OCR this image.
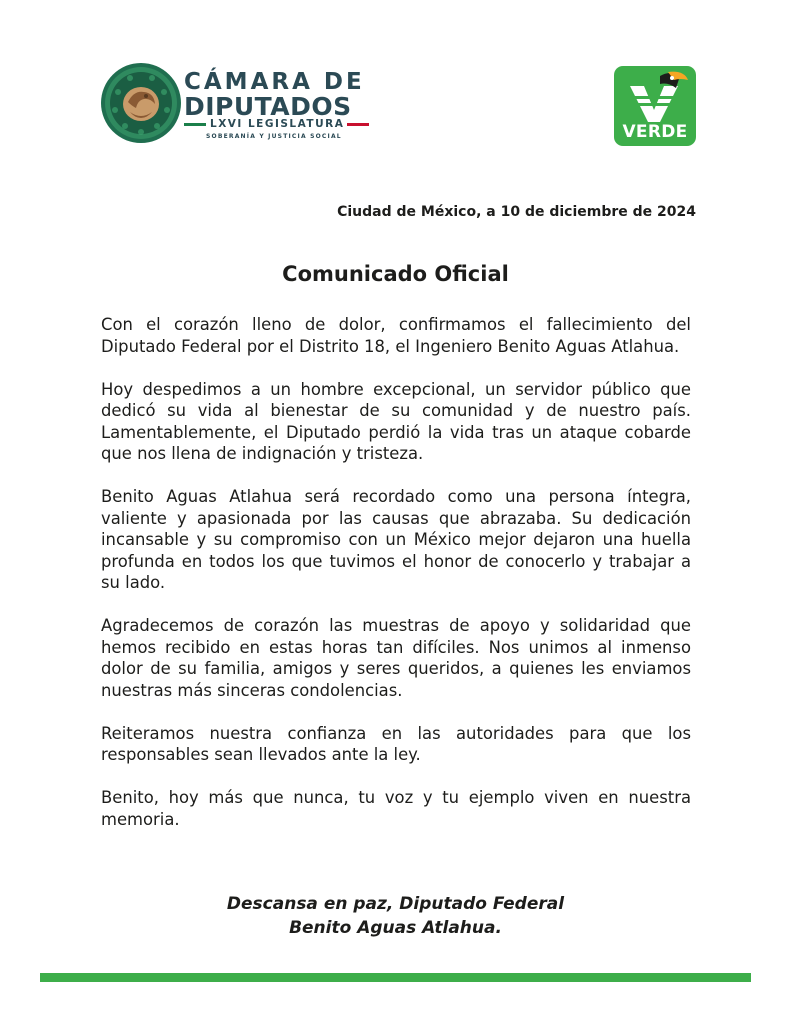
CÁMARA DE
DIPUTADOS
LXVI LEGISLATURA
SOBERANÍA Y JUSTICIA SOCIAL	VERDE
Ciudad de México, a 10 de diciembre de 2024
Comunicado Oficial

Con el corazón lleno de dolor, confirmamos el fallecimiento del Diputado Federal por el Distrito 18, el Ingeniero Benito Aguas Atlahua.

Hoy despedimos a un hombre excepcional, un servidor público que dedicó su vida al bienestar de su comunidad y de nuestro país. Lamentablemente, el Diputado perdió la vida tras un ataque cobarde que nos llena de indignación y tristeza.

Benito Aguas Atlahua será recordado como una persona íntegra, valiente y apasionada por las causas que abrazaba. Su dedicación incansable y su compromiso con un México mejor dejaron una huella profunda en todos los que tuvimos el honor de conocerlo y trabajar a su lado.

Agradecemos de corazón las muestras de apoyo y solidaridad que hemos recibido en estas horas tan difíciles. Nos unimos al inmenso dolor de su familia, amigos y seres queridos, a quienes les enviamos nuestras más sinceras condolencias.

Reiteramos nuestra confianza en las autoridades para que los responsables sean llevados ante la ley.

Benito, hoy más que nunca, tu voz y tu ejemplo viven en nuestra memoria.

Descansa en paz, Diputado Federal
Benito Aguas Atlahua.
